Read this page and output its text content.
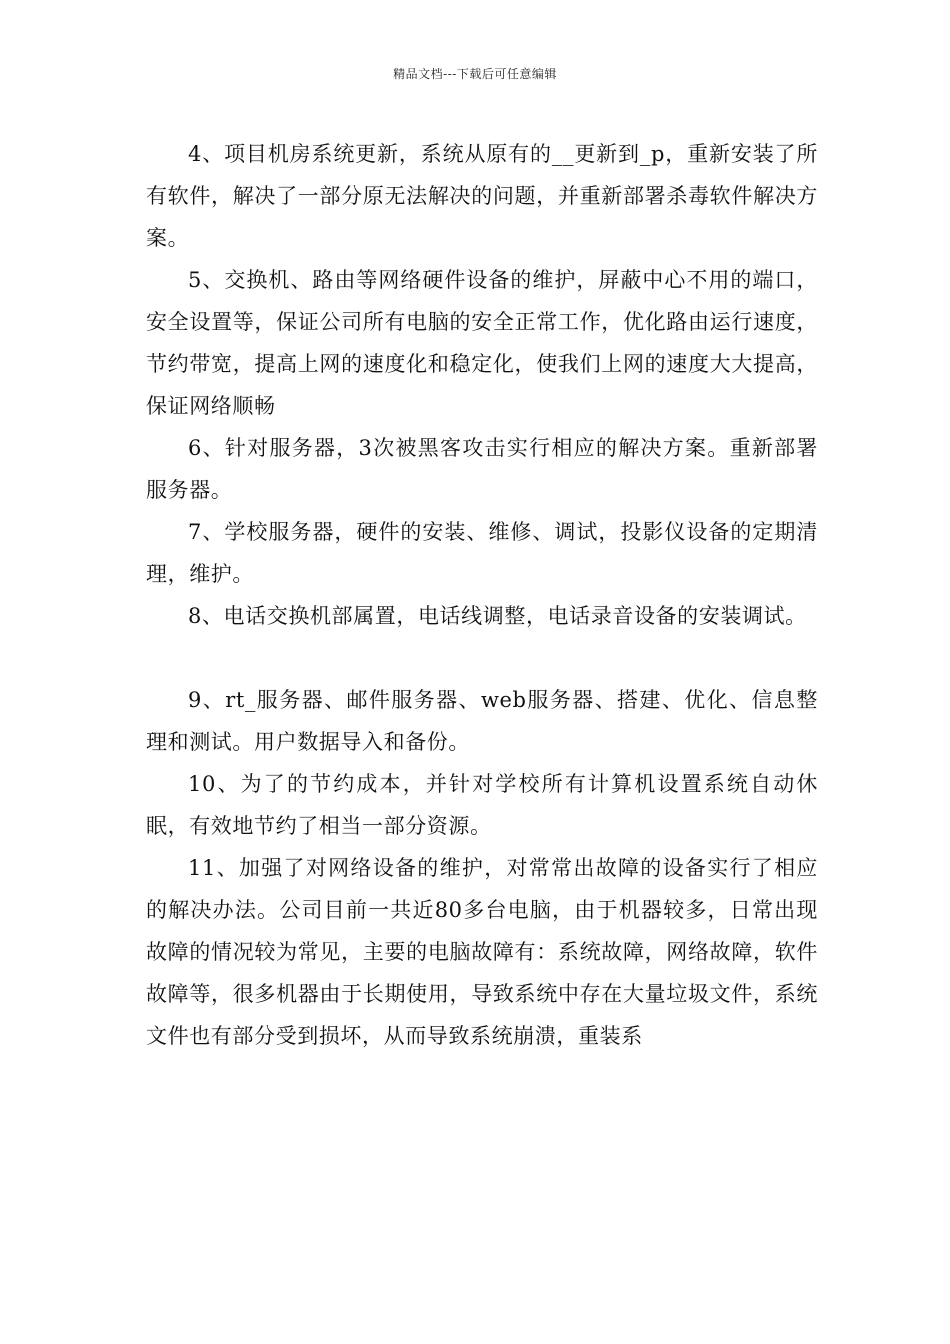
精品文档---下载后可任意编辑

4、项目机房系统更新，系统从原有的__更新到_p，重新安装了所有软件，解决了一部分原无法解决的问题，并重新部署杀毒软件解决方案。

5、交换机、路由等网络硬件设备的维护，屏蔽中心不用的端口，安全设置等，保证公司所有电脑的安全正常工作，优化路由运行速度，节约带宽，提高上网的速度化和稳定化，使我们上网的速度大大提高，保证网络顺畅

6、针对服务器，3次被黑客攻击实行相应的解决方案。重新部署服务器。

7、学校服务器，硬件的安装、维修、调试，投影仪设备的定期清理，维护。

8、电话交换机部属置，电话线调整，电话录音设备的安装调试。

9、rt_服务器、邮件服务器、web服务器、搭建、优化、信息整理和测试。用户数据导入和备份。

10、为了的节约成本，并针对学校所有计算机设置系统自动休眠，有效地节约了相当一部分资源。

11、加强了对网络设备的维护，对常常出故障的设备实行了相应的解决办法。公司目前一共近80多台电脑，由于机器较多，日常出现故障的情况较为常见，主要的电脑故障有：系统故障，网络故障，软件故障等，很多机器由于长期使用，导致系统中存在大量垃圾文件，系统文件也有部分受到损坏，从而导致系统崩溃，重装系
